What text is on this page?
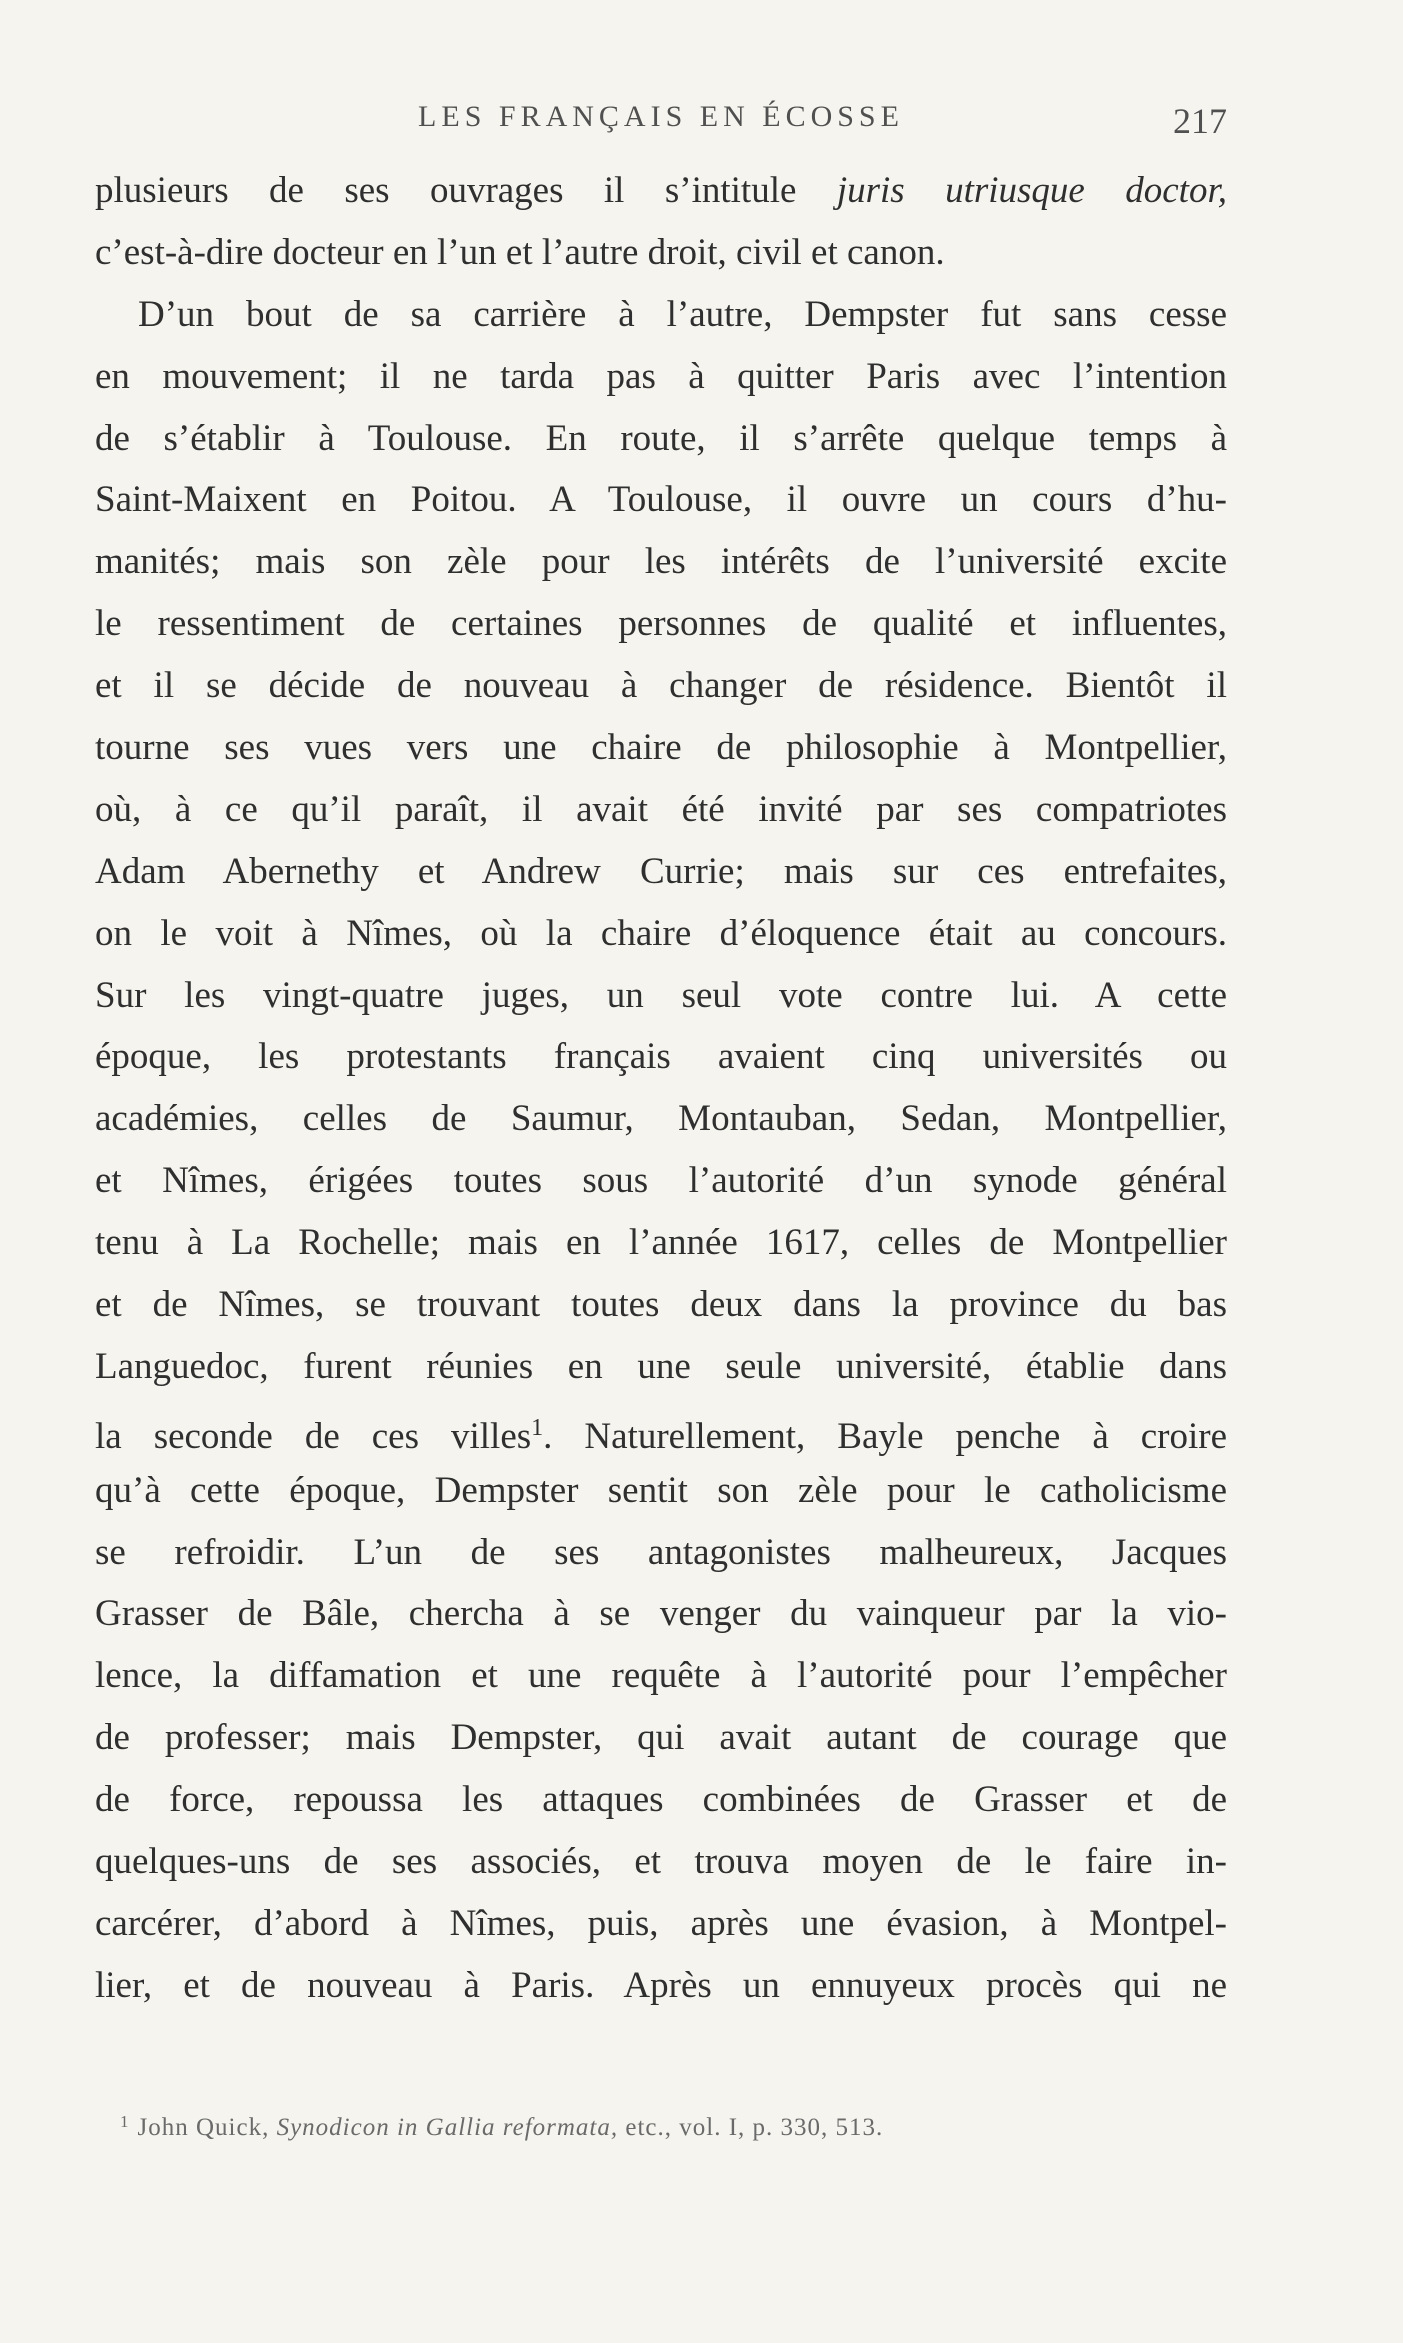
LES FRANÇAIS EN ÉCOSSE	217
plusieurs de ses ouvrages il s’intitule juris utriusque doctor,
c’est-à-dire docteur en l’un et l’autre droit, civil et canon.
D’un bout de sa carrière à l’autre, Dempster fut sans cesse
en mouvement; il ne tarda pas à quitter Paris avec l’intention
de s’établir à Toulouse. En route, il s’arrête quelque temps à
Saint-Maixent en Poitou. A Toulouse, il ouvre un cours d’hu-
manités; mais son zèle pour les intérêts de l’université excite
le ressentiment de certaines personnes de qualité et influentes,
et il se décide de nouveau à changer de résidence. Bientôt il
tourne ses vues vers une chaire de philosophie à Montpellier,
où, à ce qu’il paraît, il avait été invité par ses compatriotes
Adam Abernethy et Andrew Currie; mais sur ces entrefaites,
on le voit à Nîmes, où la chaire d’éloquence était au concours.
Sur les vingt-quatre juges, un seul vote contre lui. A cette
époque, les protestants français avaient cinq universités ou
académies, celles de Saumur, Montauban, Sedan, Montpellier,
et Nîmes, érigées toutes sous l’autorité d’un synode général
tenu à La Rochelle; mais en l’année 1617, celles de Montpellier
et de Nîmes, se trouvant toutes deux dans la province du bas
Languedoc, furent réunies en une seule université, établie dans
la seconde de ces villes$^1$. Naturellement, Bayle penche à croire
qu’à cette époque, Dempster sentit son zèle pour le catholicisme
se refroidir. L’un de ses antagonistes malheureux, Jacques
Grasser de Bâle, chercha à se venger du vainqueur par la vio-
lence, la diffamation et une requête à l’autorité pour l’empêcher
de professer; mais Dempster, qui avait autant de courage que
de force, repoussa les attaques combinées de Grasser et de
quelques-uns de ses associés, et trouva moyen de le faire in-
carcérer, d’abord à Nîmes, puis, après une évasion, à Montpel-
lier, et de nouveau à Paris. Après un ennuyeux procès qui ne
$^1$ John Quick, Synodicon in Gallia reformata, etc., vol. I, p. 330, 513.
